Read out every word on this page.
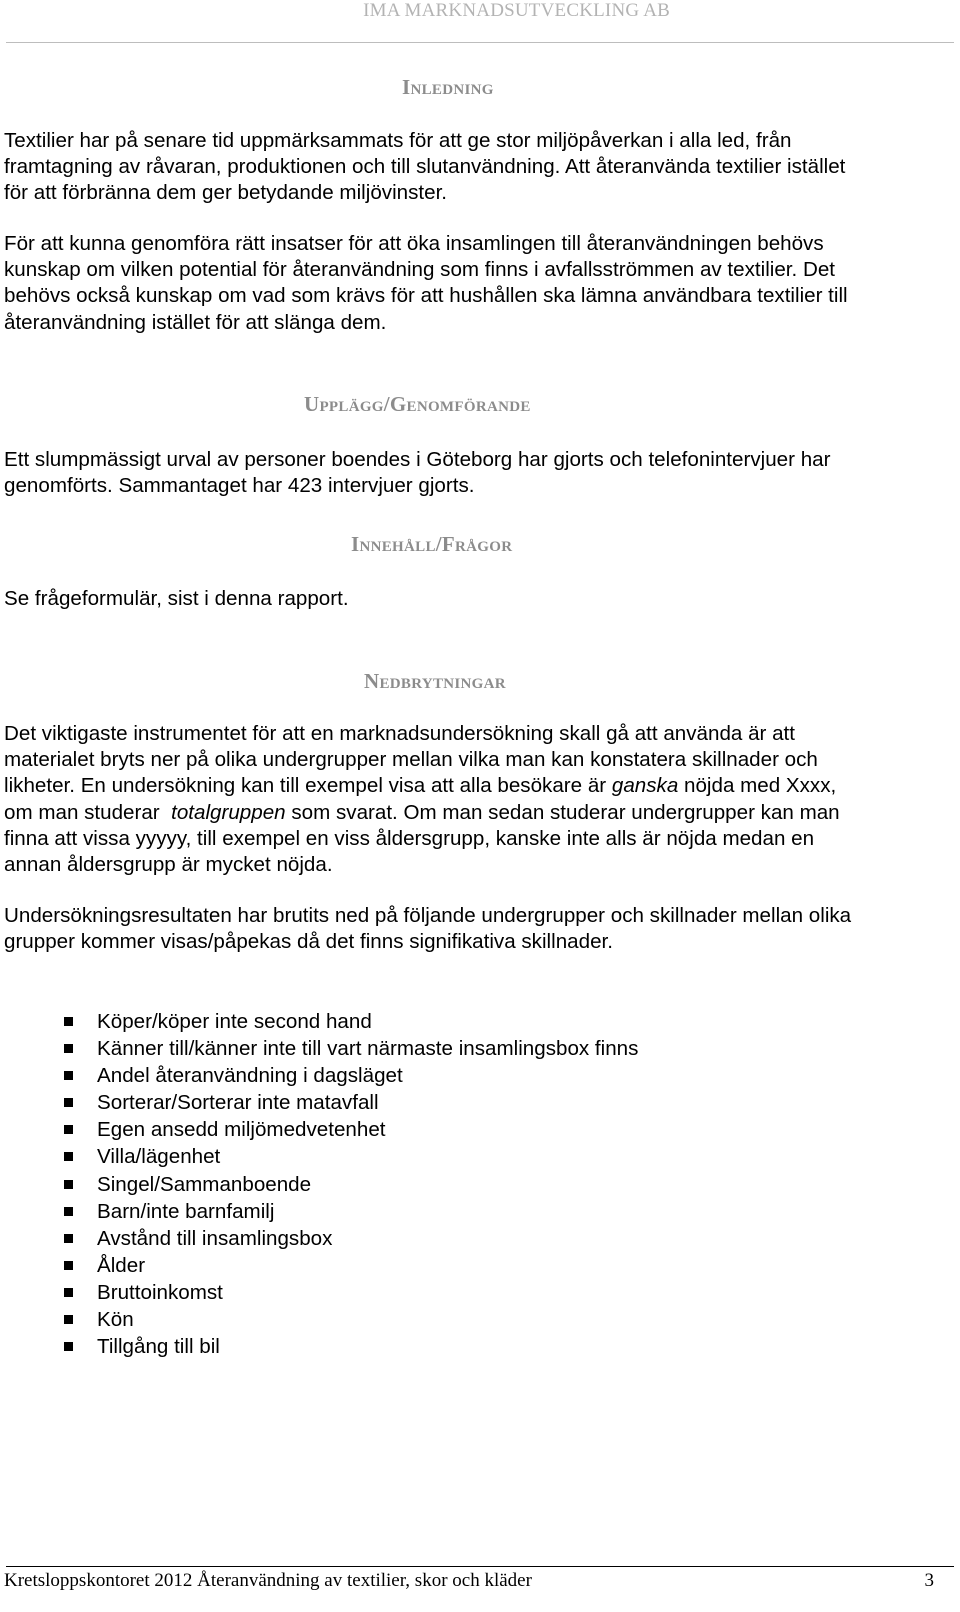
IMA MARKNADSUTVECKLING AB
Inledning
Textilier har på senare tid uppmärksammats för att ge stor miljöpåverkan i alla led, från
framtagning av råvaran, produktionen och till slutanvändning. Att återanvända textilier istället
för att förbränna dem ger betydande miljövinster.
För att kunna genomföra rätt insatser för att öka insamlingen till återanvändningen behövs
kunskap om vilken potential för återanvändning som finns i avfallsströmmen av textilier. Det
behövs också kunskap om vad som krävs för att hushållen ska lämna användbara textilier till
återanvändning istället för att slänga dem.
Upplägg/Genomförande
Ett slumpmässigt urval av personer boendes i Göteborg har gjorts och telefonintervjuer har
genomförts. Sammantaget har 423 intervjuer gjorts.
Innehåll/Frågor
Se frågeformulär, sist i denna rapport.
Nedbrytningar
Det viktigaste instrumentet för att en marknadsundersökning skall gå att använda är att
materialet bryts ner på olika undergrupper mellan vilka man kan konstatera skillnader och
likheter. En undersökning kan till exempel visa att alla besökare är ganska nöjda med Xxxx,
om man studerar  totalgruppen som svarat. Om man sedan studerar undergrupper kan man
finna att vissa yyyyy, till exempel en viss åldersgrupp, kanske inte alls är nöjda medan en
annan åldersgrupp är mycket nöjda.
Undersökningsresultaten har brutits ned på följande undergrupper och skillnader mellan olika
grupper kommer visas/påpekas då det finns signifikativa skillnader.
Köper/köper inte second hand
Känner till/känner inte till vart närmaste insamlingsbox finns
Andel återanvändning i dagsläget
Sorterar/Sorterar inte matavfall
Egen ansedd miljömedvetenhet
Villa/lägenhet
Singel/Sammanboende
Barn/inte barnfamilj
Avstånd till insamlingsbox
Ålder
Bruttoinkomst
Kön
Tillgång till bil
Kretsloppskontoret 2012 Återanvändning av textilier, skor och kläder	3
